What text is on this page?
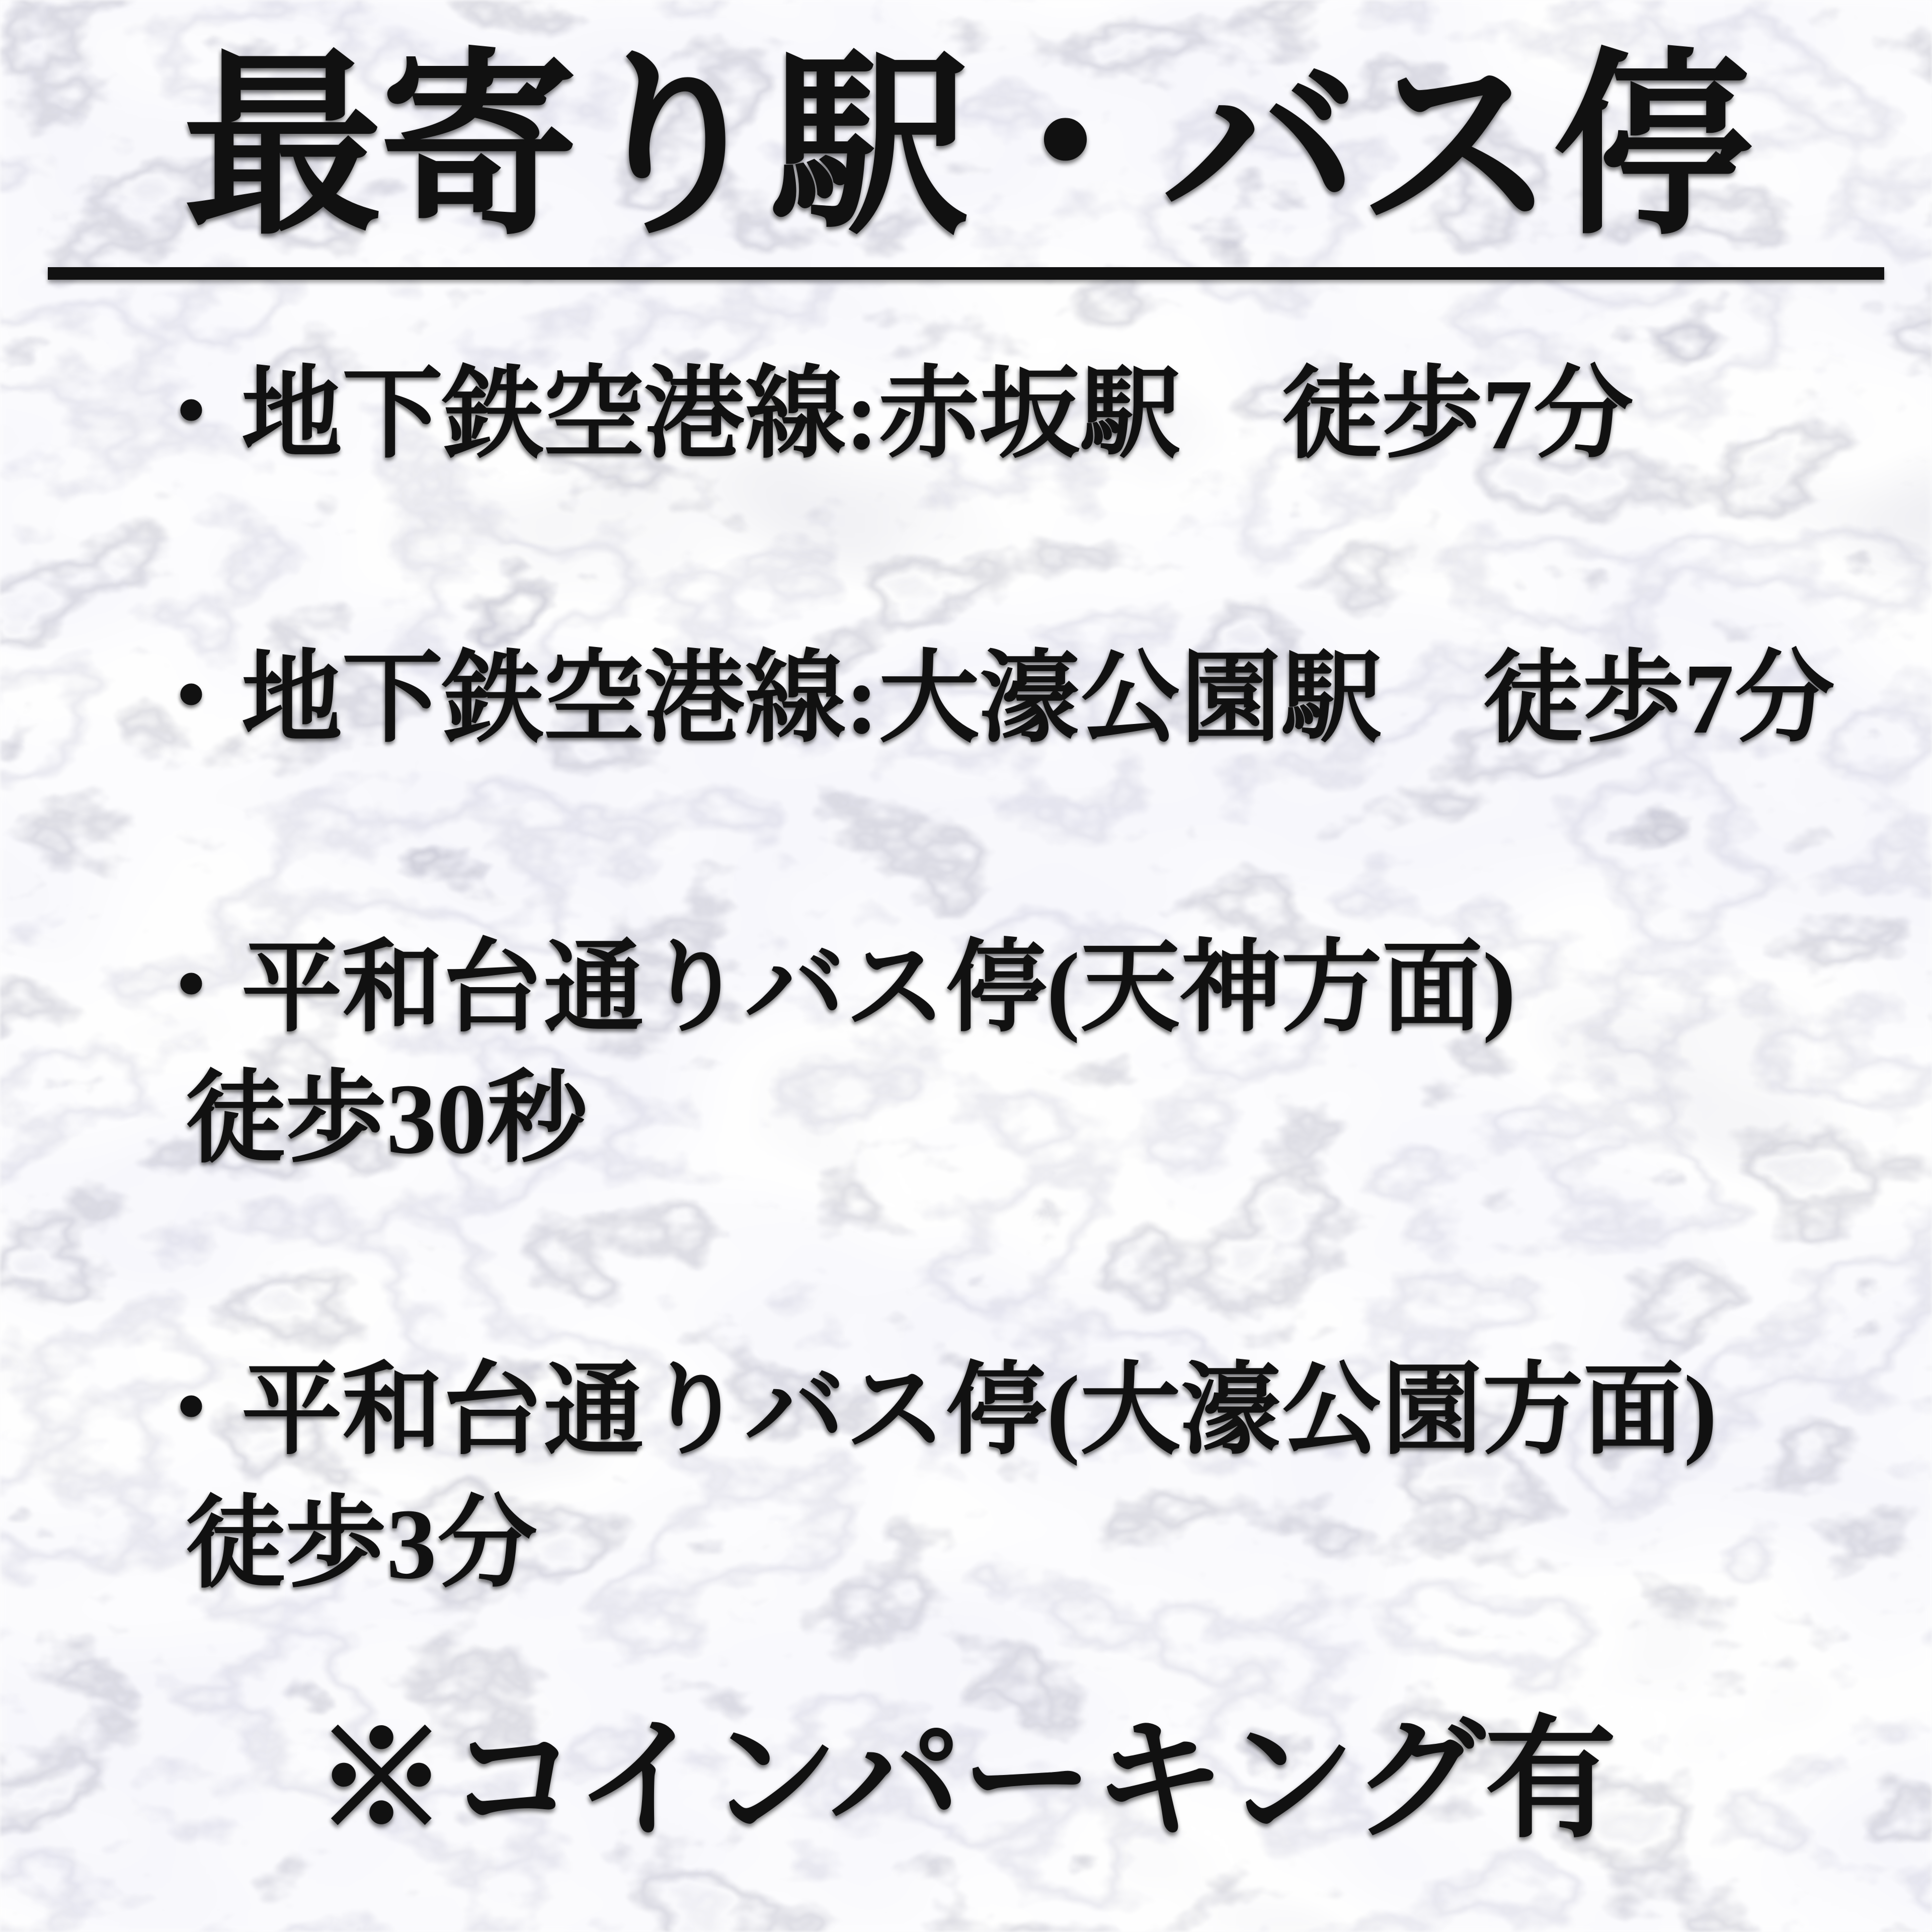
最寄り駅・バス停
・地下鉄空港線:赤坂駅　徒歩7分
・地下鉄空港線:大濠公園駅　徒歩7分
・平和台通りバス停(天神方面)
徒歩30秒
・平和台通りバス停(大濠公園方面)
徒歩3分
※コインパーキング有
